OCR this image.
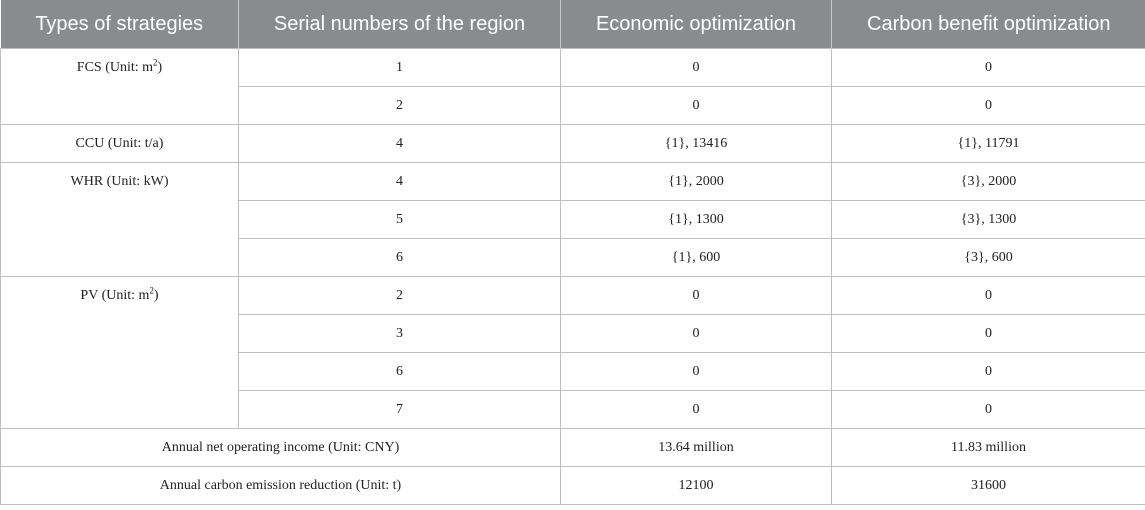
Types of strategies	Serial numbers of the region	Economic optimization	Carbon benefit optimization
FCS (Unit: $m^2$)	1	0	0
	2	0	0
CCU (Unit: t/a)	4	{1}, 13416	{1}, 11791
WHR (Unit: kW)	4	{1}, 2000	{3}, 2000
	5	{1}, 1300	{3}, 1300
	6	{1}, 600	{3}, 600
PV (Unit: $m^2$)	2	0	0
	3	0	0
	6	0	0
	7	0	0
Annual net operating income (Unit: CNY)		13.64 million	11.83 million
Annual carbon emission reduction (Unit: t)		12100	31600
